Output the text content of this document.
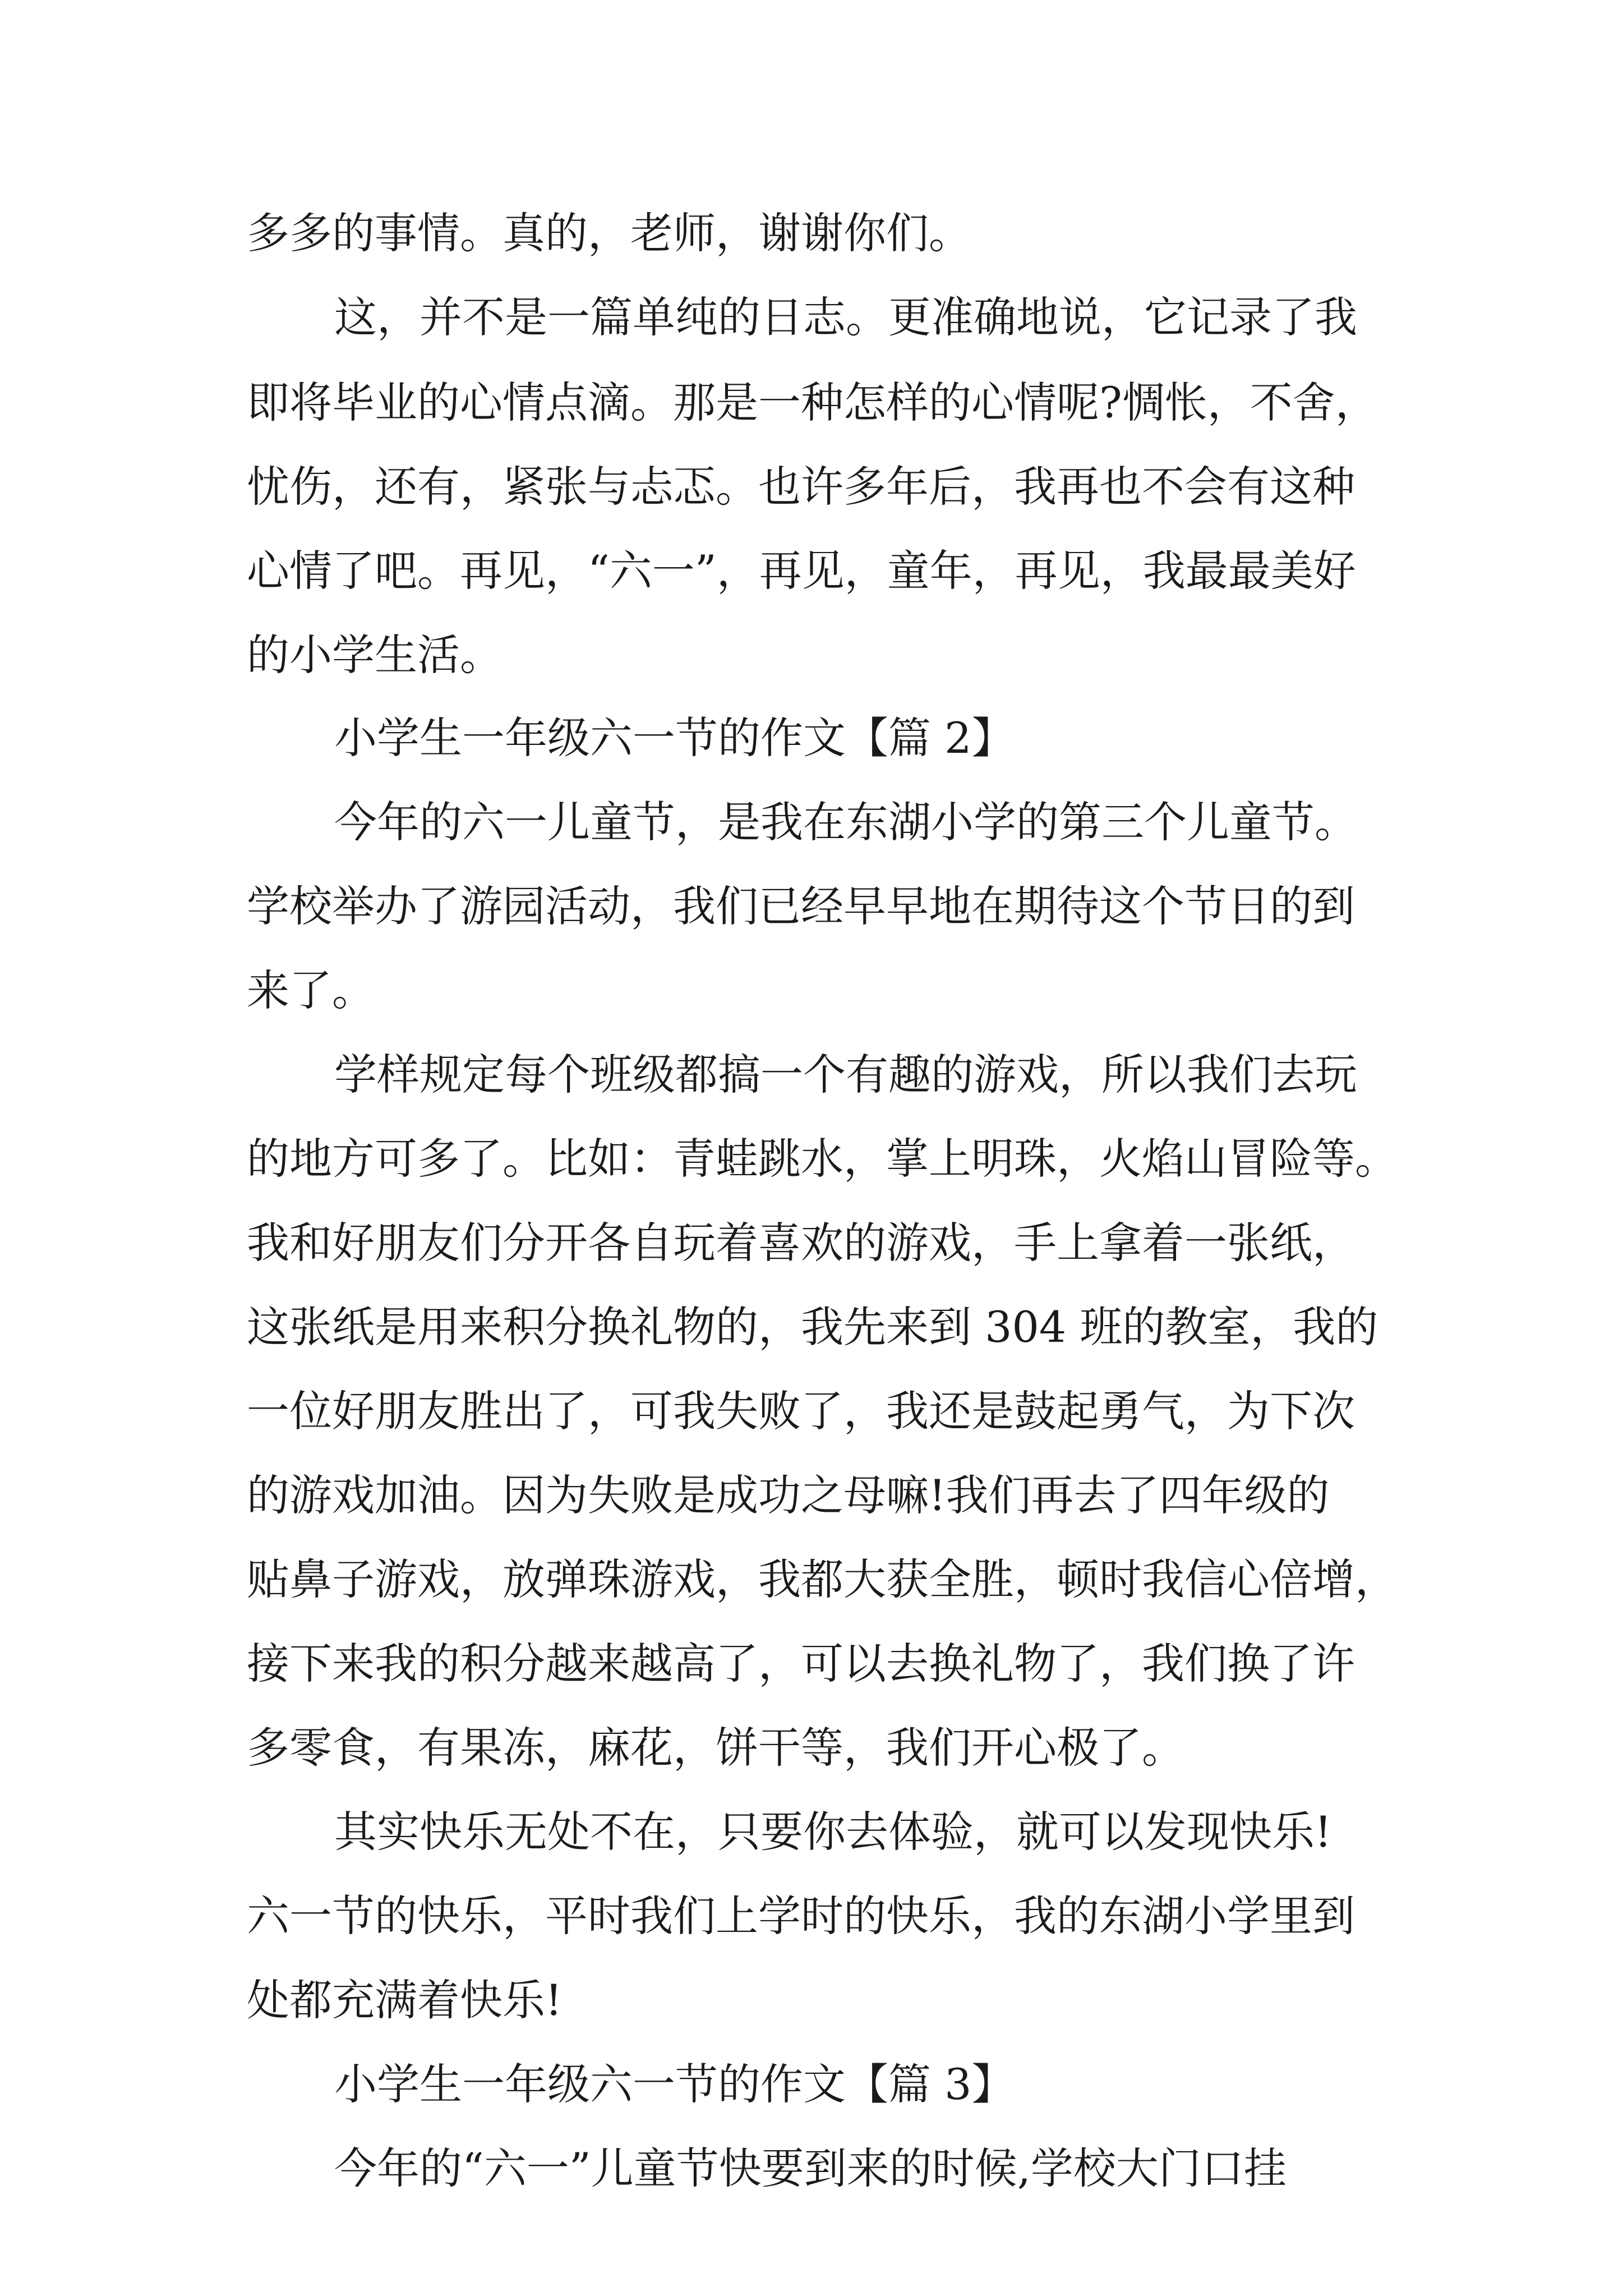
多多的事情。真的，老师，谢谢你们。

这，并不是一篇单纯的日志。更准确地说，它记录了我

即将毕业的心情点滴。那是一种怎样的心情呢?惆怅，不舍，

忧伤，还有，紧张与忐忑。也许多年后，我再也不会有这种

心情了吧。再见，“六一”，再见，童年，再见，我最最美好

的小学生活。

小学生一年级六一节的作文【篇 2】

今年的六一儿童节，是我在东湖小学的第三个儿童节。

学校举办了游园活动，我们已经早早地在期待这个节日的到

来了。

学样规定每个班级都搞一个有趣的游戏，所以我们去玩

的地方可多了。比如：青蛙跳水，掌上明珠，火焰山冒险等。

我和好朋友们分开各自玩着喜欢的游戏，手上拿着一张纸，

这张纸是用来积分换礼物的，我先来到 304 班的教室，我的

一位好朋友胜出了，可我失败了，我还是鼓起勇气，为下次

的游戏加油。因为失败是成功之母嘛!我们再去了四年级的

贴鼻子游戏，放弹珠游戏，我都大获全胜，顿时我信心倍增，

接下来我的积分越来越高了，可以去换礼物了，我们换了许

多零食，有果冻，麻花，饼干等，我们开心极了。

其实快乐无处不在，只要你去体验，就可以发现快乐!

六一节的快乐，平时我们上学时的快乐，我的东湖小学里到

处都充满着快乐!

小学生一年级六一节的作文【篇 3】

今年的“六一”儿童节快要到来的时候,学校大门口挂
